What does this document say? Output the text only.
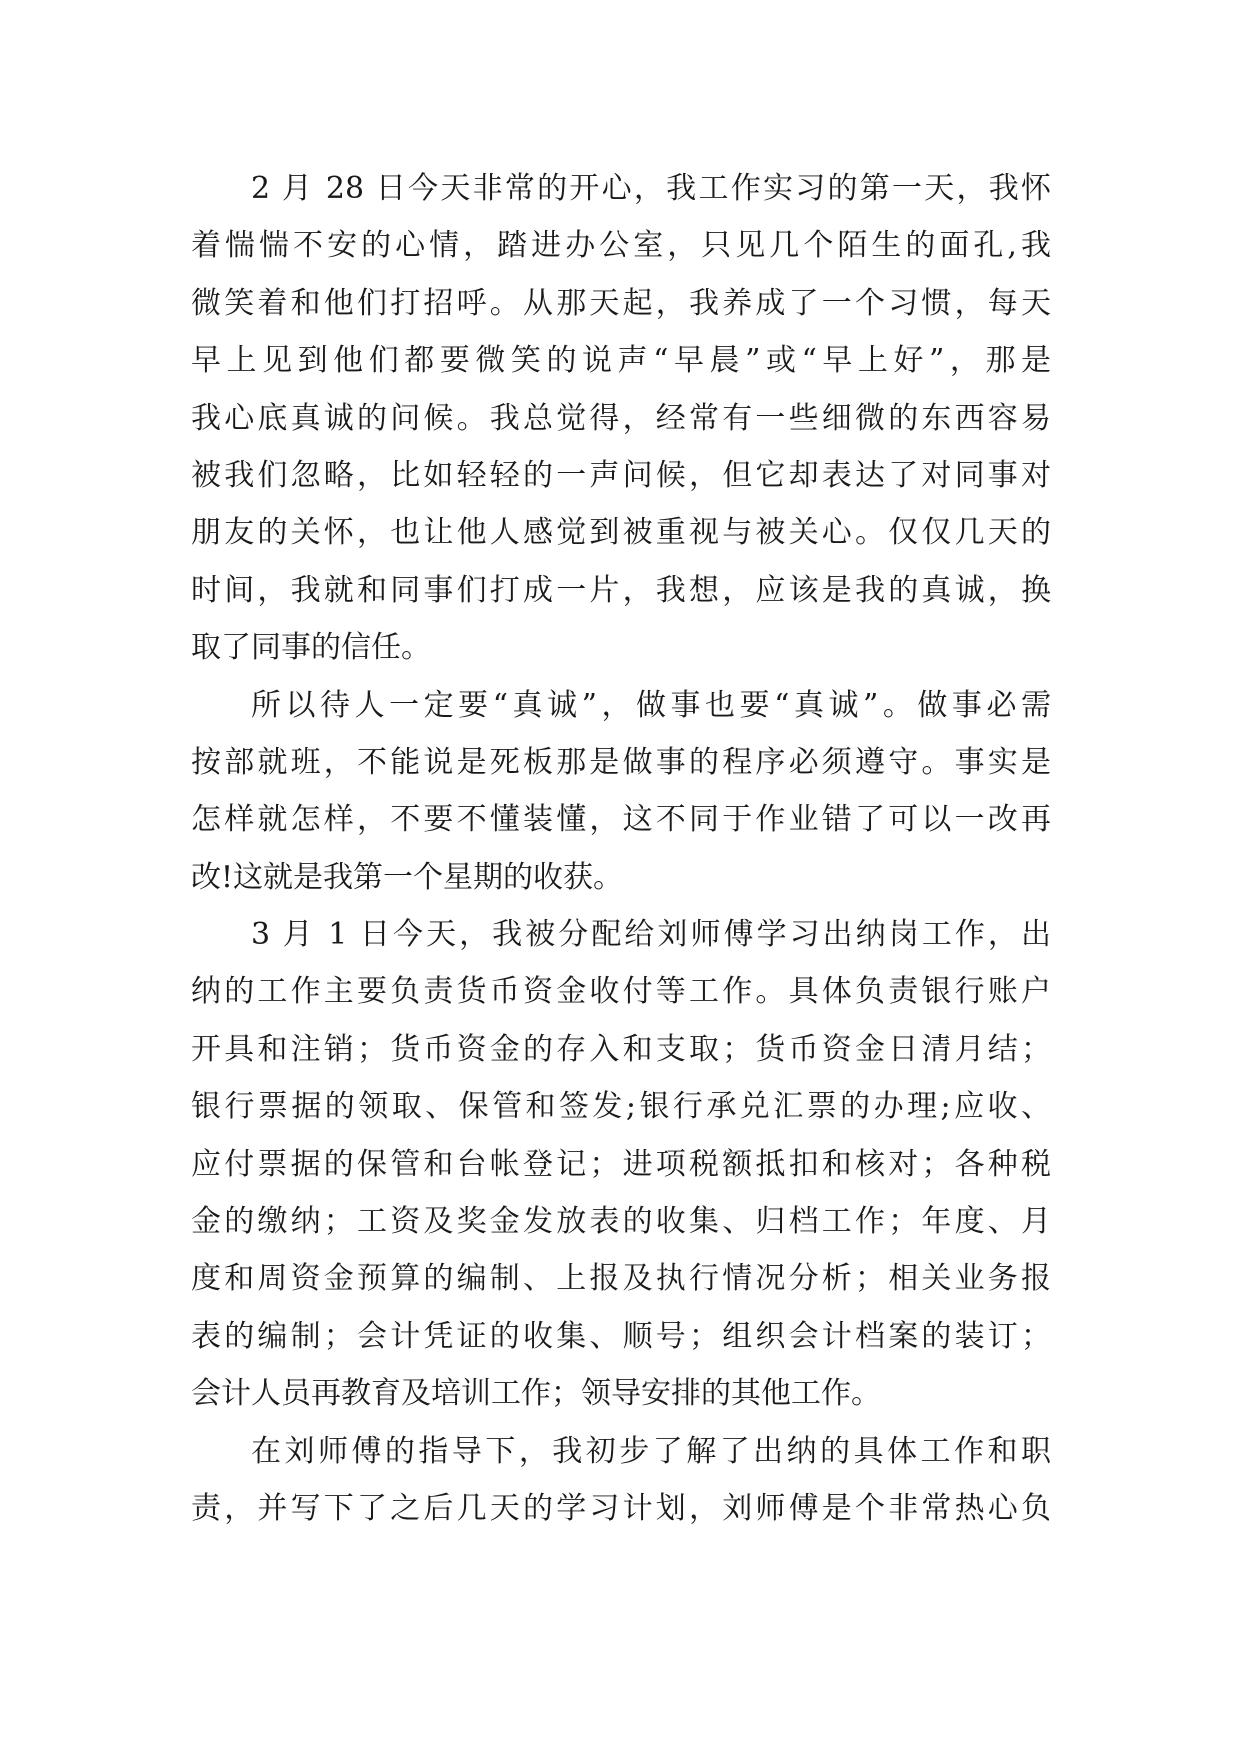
2 月 28 日今天非常的开心，我工作实习的第一天，我怀
着惴惴不安的心情，踏进办公室，只见几个陌生的面孔,我
微笑着和他们打招呼。从那天起，我养成了一个习惯，每天
早上见到他们都要微笑的说声“早晨”或“早上好”，那是
我心底真诚的问候。我总觉得，经常有一些细微的东西容易
被我们忽略，比如轻轻的一声问候，但它却表达了对同事对
朋友的关怀，也让他人感觉到被重视与被关心。仅仅几天的
时间，我就和同事们打成一片，我想，应该是我的真诚，换
取了同事的信任。
所以待人一定要“真诚”，做事也要“真诚”。做事必需
按部就班，不能说是死板那是做事的程序必须遵守。事实是
怎样就怎样，不要不懂装懂，这不同于作业错了可以一改再
改!这就是我第一个星期的收获。
3 月 1 日今天，我被分配给刘师傅学习出纳岗工作，出
纳的工作主要负责货币资金收付等工作。具体负责银行账户
开具和注销；货币资金的存入和支取；货币资金日清月结；
银行票据的领取、保管和签发;银行承兑汇票的办理;应收、
应付票据的保管和台帐登记；进项税额抵扣和核对；各种税
金的缴纳；工资及奖金发放表的收集、归档工作；年度、月
度和周资金预算的编制、上报及执行情况分析；相关业务报
表的编制；会计凭证的收集、顺号；组织会计档案的装订；
会计人员再教育及培训工作；领导安排的其他工作。
在刘师傅的指导下，我初步了解了出纳的具体工作和职
责，并写下了之后几天的学习计划，刘师傅是个非常热心负
